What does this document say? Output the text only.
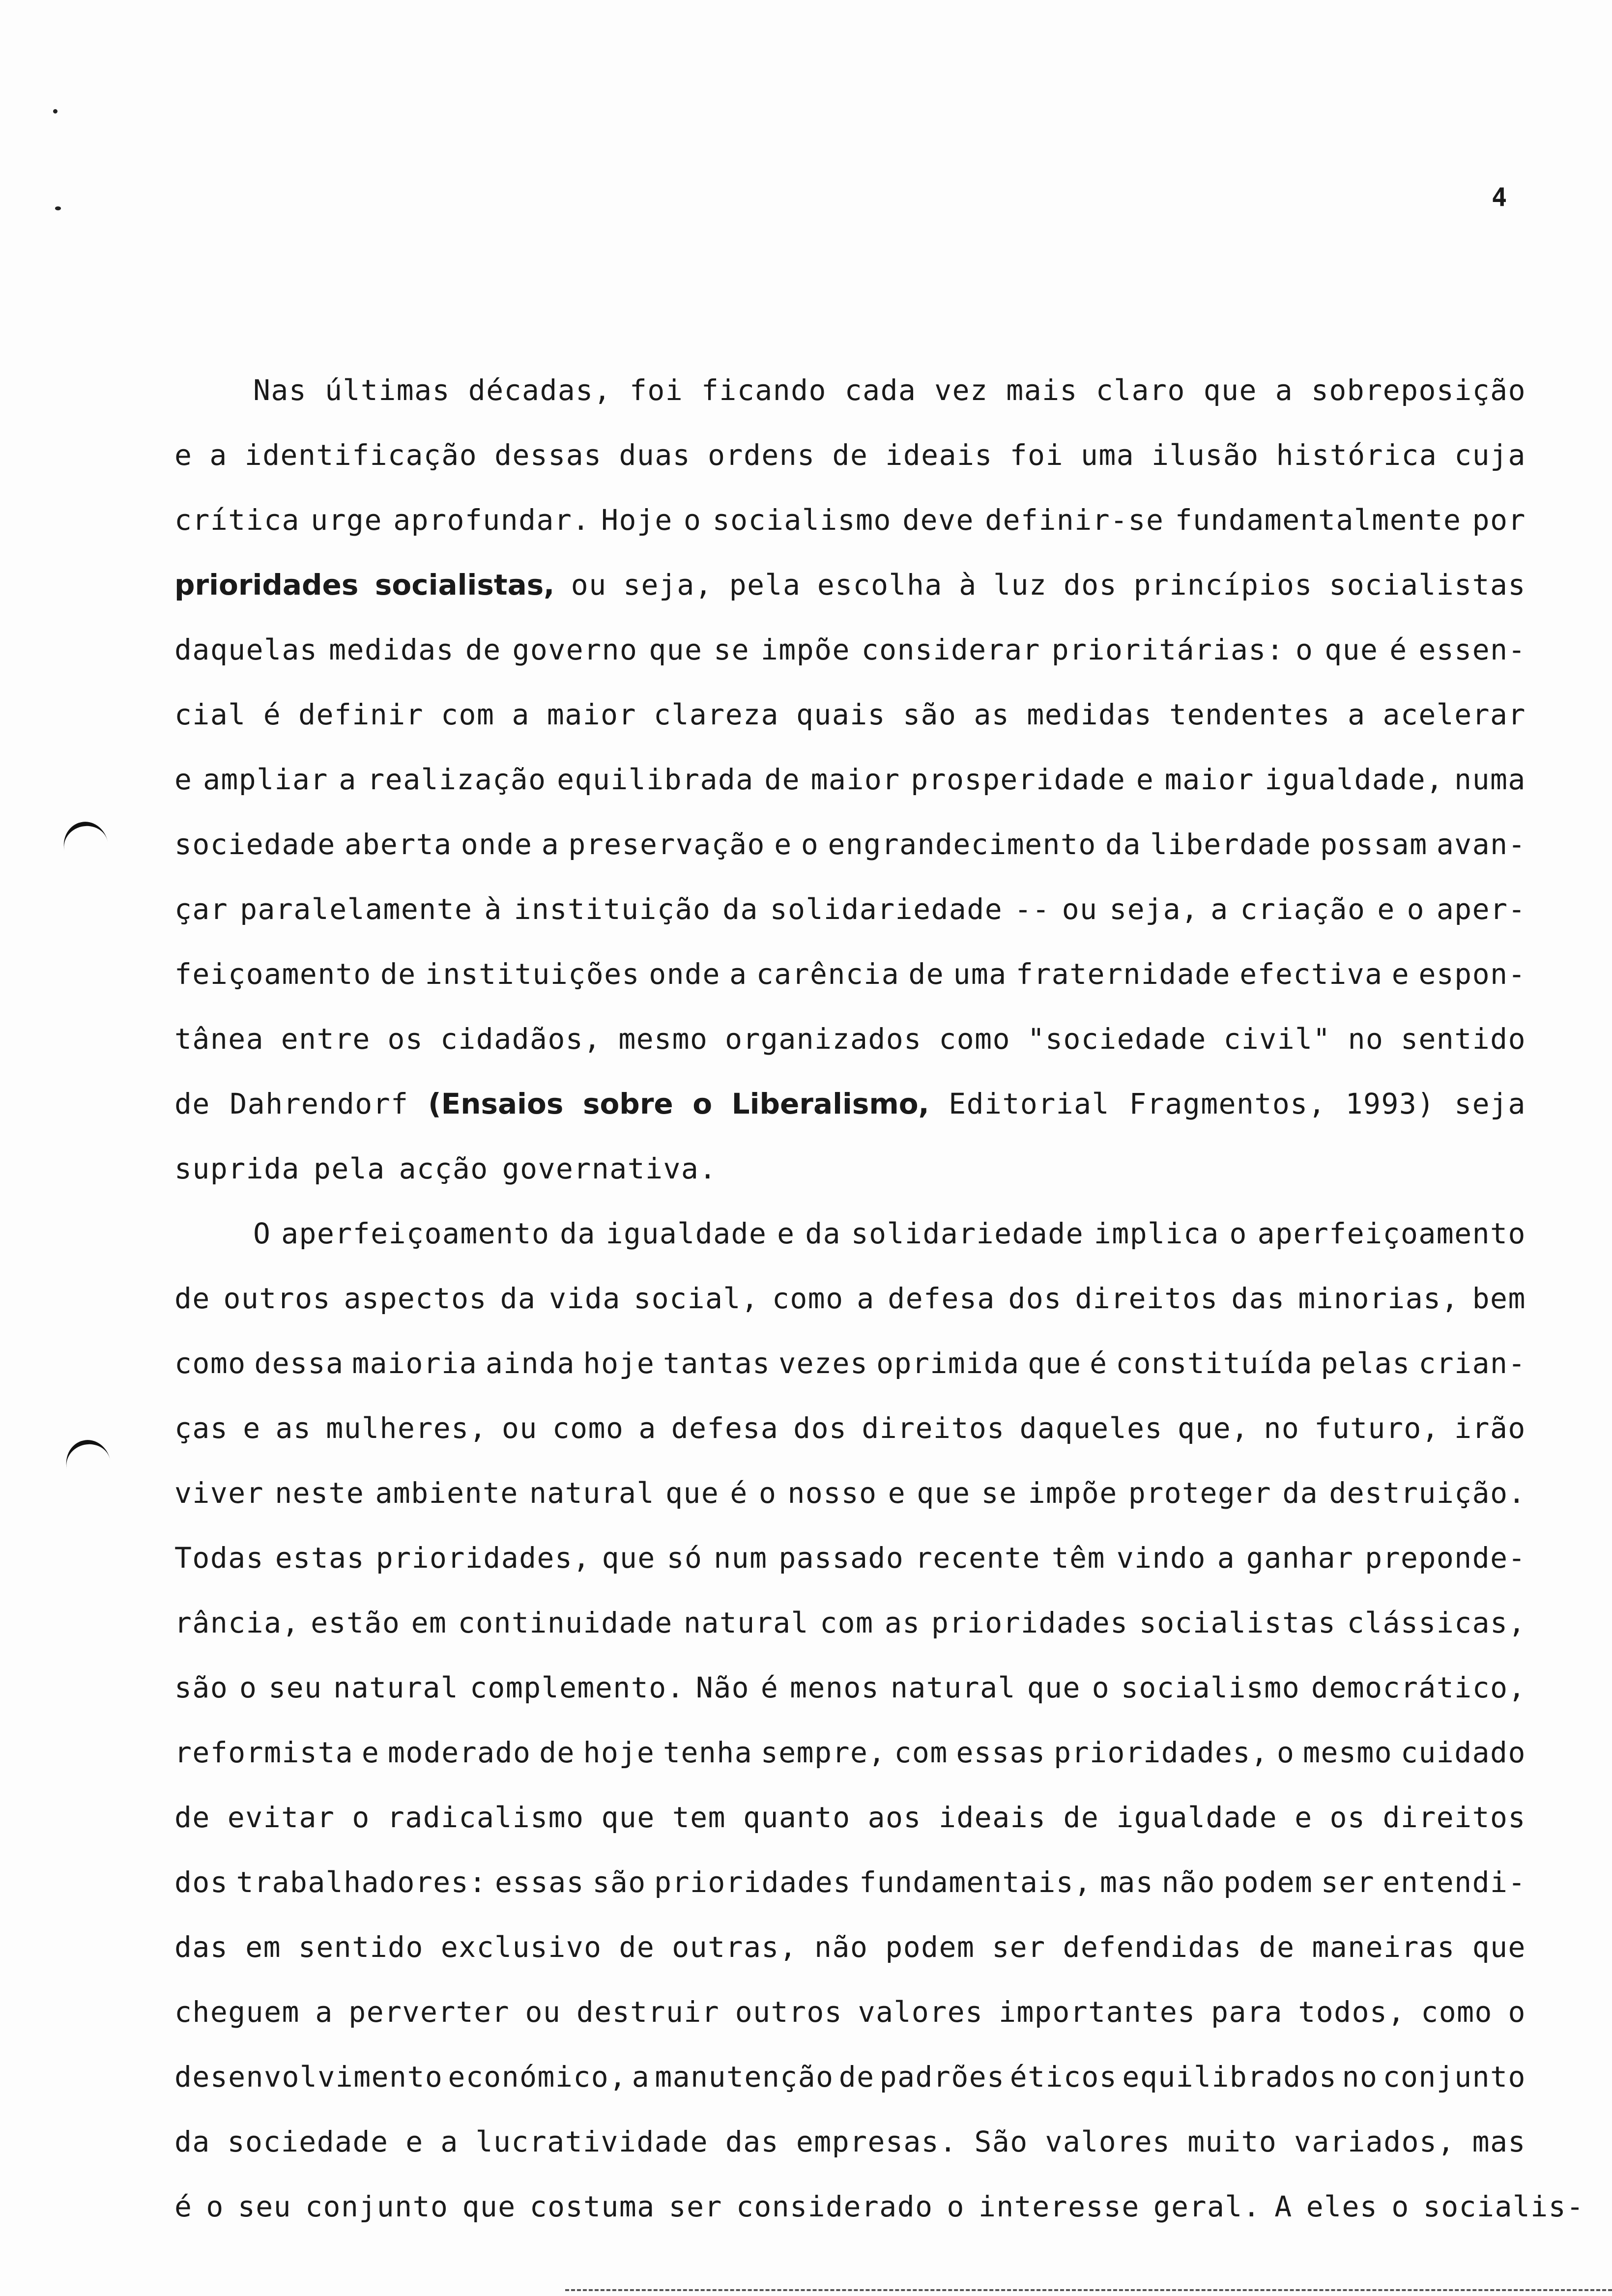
4
Nas últimas décadas, foi ficando cada vez mais claro que a sobreposição
e a identificação dessas duas ordens de ideais foi uma ilusão histórica cuja
crítica urge aprofundar. Hoje o socialismo deve definir-se fundamentalmente por
prioridades socialistas, ou seja, pela escolha à luz dos princípios socialistas
daquelas medidas de governo que se impõe considerar prioritárias: o que é essen-
cial é definir com a maior clareza quais são as medidas tendentes a acelerar
e ampliar a realização equilibrada de maior prosperidade e maior igualdade, numa
sociedade aberta onde a preservação e o engrandecimento da liberdade possam avan-
çar paralelamente à instituição da solidariedade -- ou seja, a criação e o aper-
feiçoamento de instituições onde a carência de uma fraternidade efectiva e espon-
tânea entre os cidadãos, mesmo organizados como "sociedade civil" no sentido
de Dahrendorf (Ensaios sobre o Liberalismo, Editorial Fragmentos, 1993) seja
suprida pela acção governativa.
O aperfeiçoamento da igualdade e da solidariedade implica o aperfeiçoamento
de outros aspectos da vida social, como a defesa dos direitos das minorias, bem
como dessa maioria ainda hoje tantas vezes oprimida que é constituída pelas crian-
ças e as mulheres, ou como a defesa dos direitos daqueles que, no futuro, irão
viver neste ambiente natural que é o nosso e que se impõe proteger da destruição.
Todas estas prioridades, que só num passado recente têm vindo a ganhar preponde-
rância, estão em continuidade natural com as prioridades socialistas clássicas,
são o seu natural complemento. Não é menos natural que o socialismo democrático,
reformista e moderado de hoje tenha sempre, com essas prioridades, o mesmo cuidado
de evitar o radicalismo que tem quanto aos ideais de igualdade e os direitos
dos trabalhadores: essas são prioridades fundamentais, mas não podem ser entendi-
das em sentido exclusivo de outras, não podem ser defendidas de maneiras que
cheguem a perverter ou destruir outros valores importantes para todos, como o
desenvolvimento económico, a manutenção de padrões éticos equilibrados no conjunto
da sociedade e a lucratividade das empresas. São valores muito variados, mas
é o seu conjunto que costuma ser considerado o interesse geral. A eles o socialis-
